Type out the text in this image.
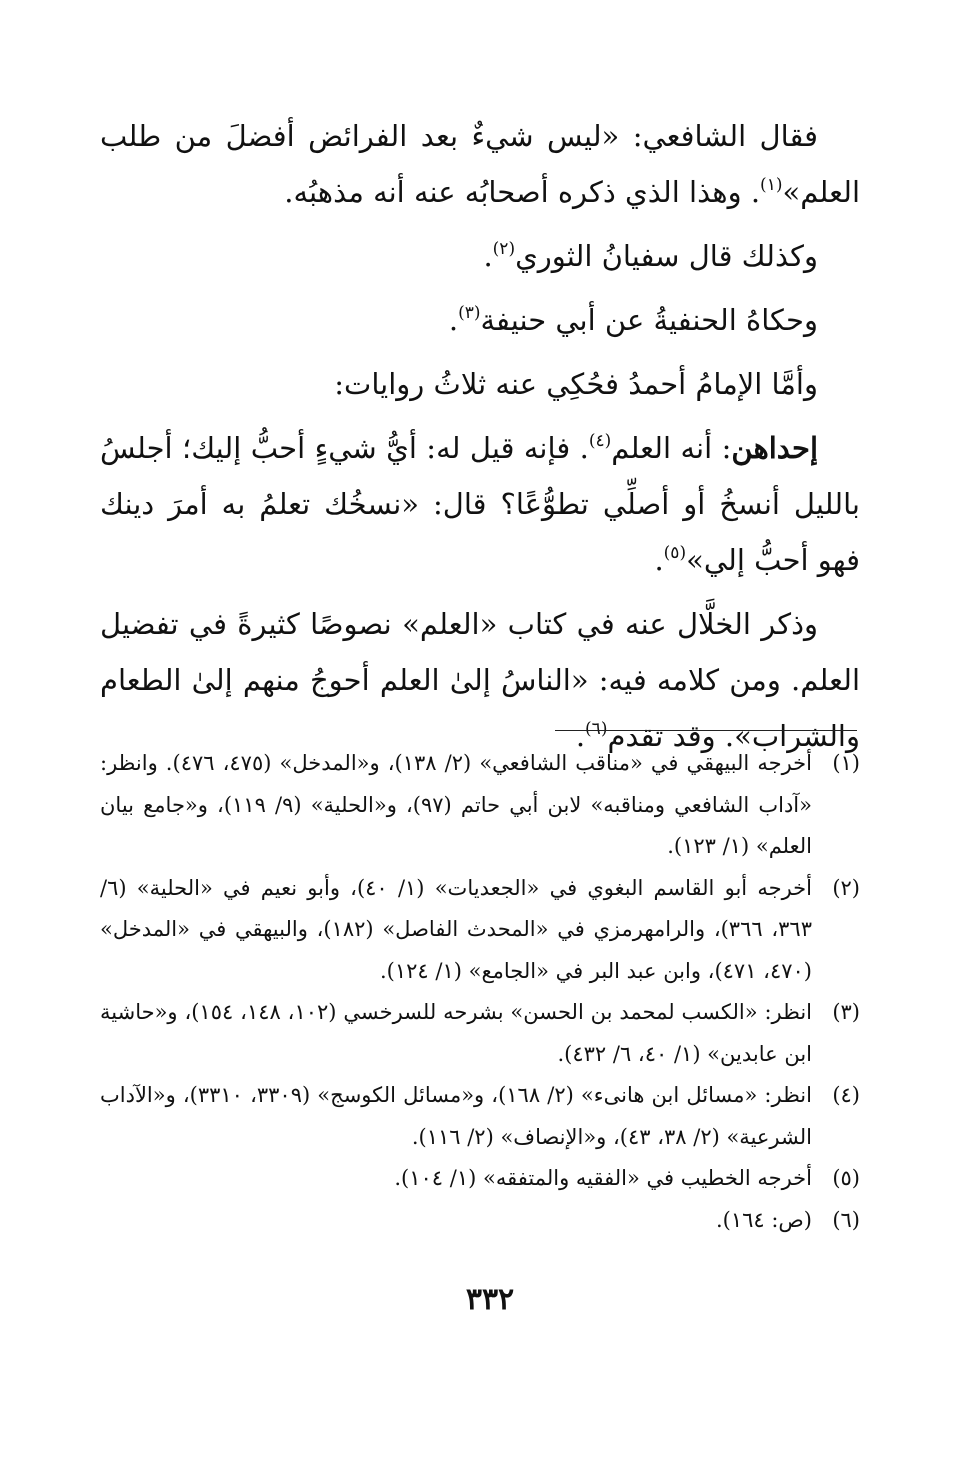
فقال الشافعي: «ليس شيءٌ بعد الفرائض أفضلَ من طلب العلم»$^{(١)}$. وهذا الذي ذكره أصحابُه عنه أنه مذهبُه.

وكذلك قال سفيانُ الثوري$^{(٢)}$.

وحكاهُ الحنفيةُ عن أبي حنيفة$^{(٣)}$.

وأمَّا الإمامُ أحمدُ فحُكِي عنه ثلاثُ روايات:

إحداهن: أنه العلم$^{(٤)}$. فإنه قيل له: أيُّ شيءٍ أحبُّ إليك؛ أجلسُ بالليل أنسخُ أو أصلِّي تطوُّعًا؟ قال: «نسخُك تعلمُ به أمرَ دينك فهو أحبُّ إلي»$^{(٥)}$.

وذكر الخلَّال عنه في كتاب «العلم» نصوصًا كثيرةً في تفضيل العلم. ومن كلامه فيه: «الناسُ إلىٰ العلم أحوجُ منهم إلىٰ الطعام والشراب». وقد تقدم$^{(٦)}$.

(١)
أخرجه البيهقي في «مناقب الشافعي» (٢/ ١٣٨)، و«المدخل» (٤٧٥، ٤٧٦). وانظر: «آداب الشافعي ومناقبه» لابن أبي حاتم (٩٧)، و«الحلية» (٩/ ١١٩)، و«جامع بيان العلم» (١/ ١٢٣).
(٢)
أخرجه أبو القاسم البغوي في «الجعديات» (١/ ٤٠)، وأبو نعيم في «الحلية» (٦/ ٣٦٣، ٣٦٦)، والرامهرمزي في «المحدث الفاصل» (١٨٢)، والبيهقي في «المدخل» (٤٧٠، ٤٧١)، وابن عبد البر في «الجامع» (١/ ١٢٤).
(٣)
انظر: «الكسب لمحمد بن الحسن» بشرحه للسرخسي (١٠٢، ١٤٨، ١٥٤)، و«حاشية ابن عابدين» (١/ ٤٠، ٦/ ٤٣٢).
(٤)
انظر: «مسائل ابن هانىء» (٢/ ١٦٨)، و«مسائل الكوسج» (٣٣٠٩، ٣٣١٠)، و«الآداب الشرعية» (٢/ ٣٨، ٤٣)، و«الإنصاف» (٢/ ١١٦).
(٥)
أخرجه الخطيب في «الفقيه والمتفقه» (١/ ١٠٤).
(٦)
(ص: ١٦٤).
٣٣٢
